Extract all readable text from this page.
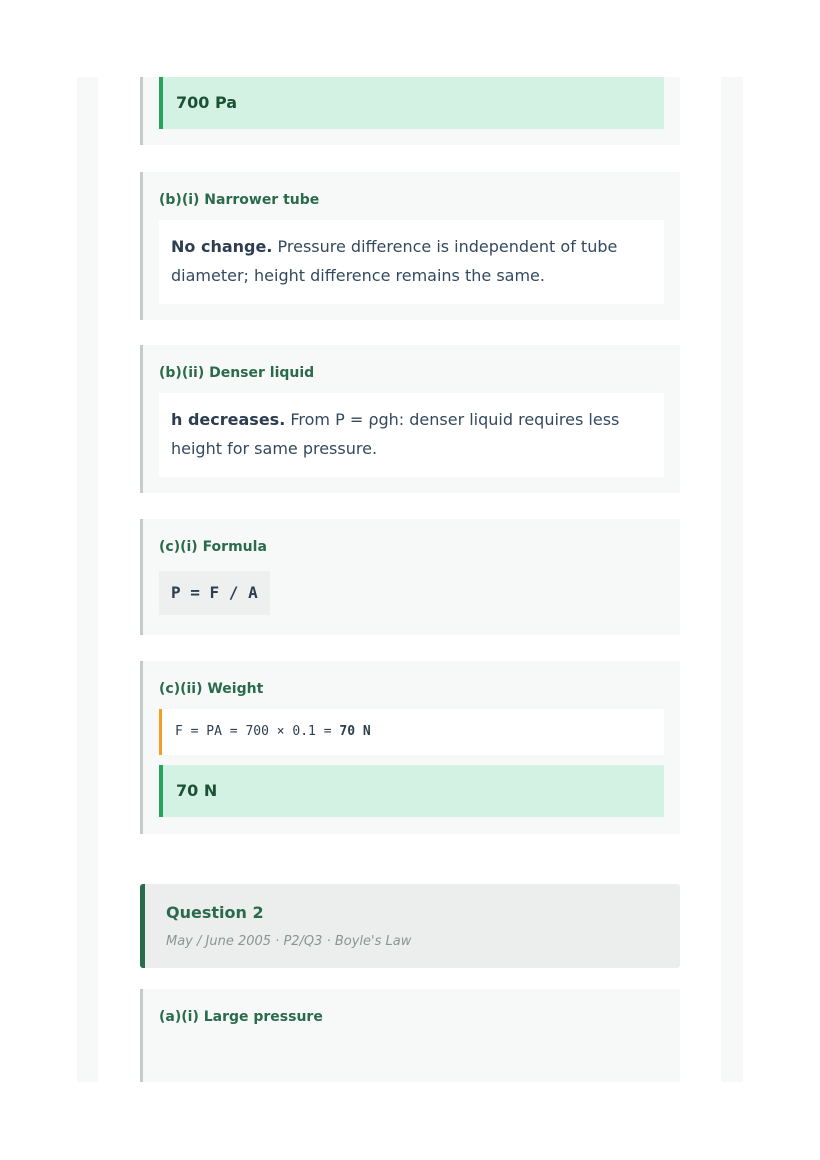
700 Pa
(b)(i) Narrower tube
No change. Pressure difference is independent of tube diameter; height difference remains the same.
(b)(ii) Denser liquid
h decreases. From P = ρgh: denser liquid requires less height for same pressure.
(c)(i) Formula
P = F / A
(c)(ii) Weight
F = PA = 700 × 0.1 = 70 N
70 N
Question 2
May / June 2005 · P2/Q3 · Boyle's Law
(a)(i) Large pressure
